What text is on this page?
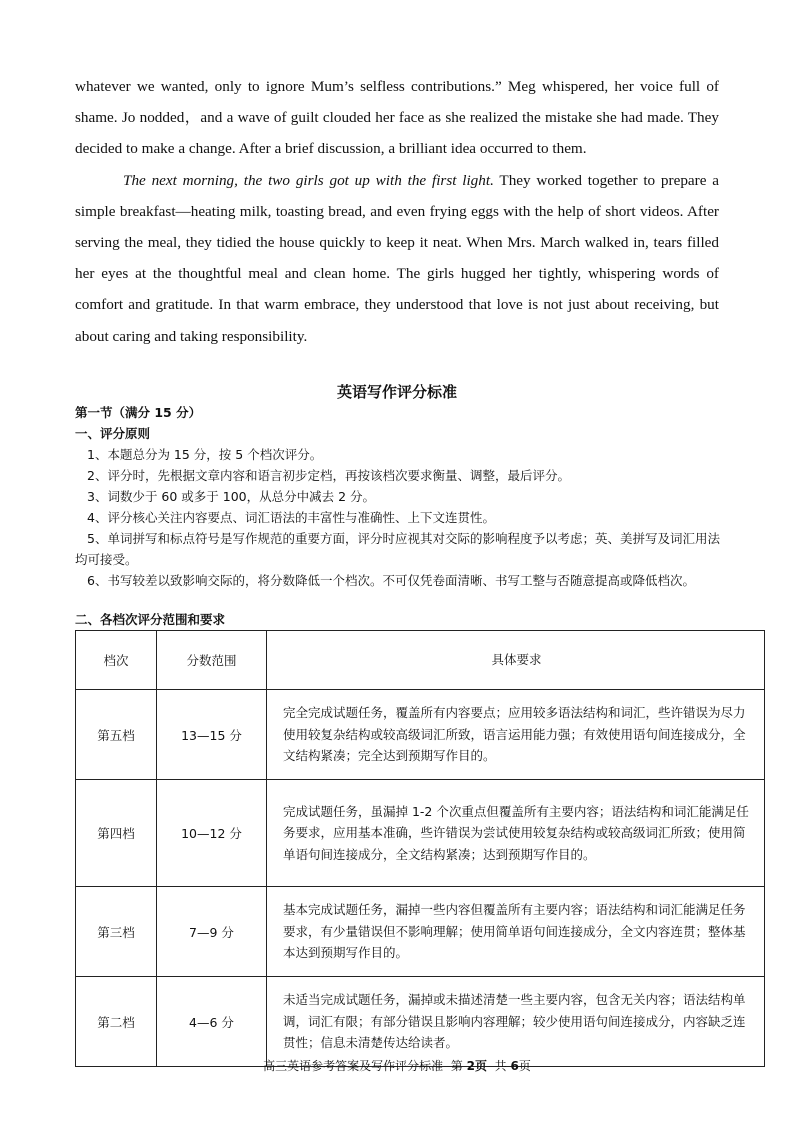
whatever we wanted, only to ignore Mum’s selfless contributions.” Meg whispered, her voice full of shame. Jo nodded，and a wave of guilt clouded her face as she realized the mistake she had made. They decided to make a change. After a brief discussion, a brilliant idea occurred to them.

The next morning, the two girls got up with the first light. They worked together to prepare a simple breakfast—heating milk, toasting bread, and even frying eggs with the help of short videos. After serving the meal, they tidied the house quickly to keep it neat. When Mrs. March walked in, tears filled her eyes at the thoughtful meal and clean home. The girls hugged her tightly, whispering words of comfort and gratitude. In that warm embrace, they understood that love is not just about receiving, but about caring and taking responsibility.

英语写作评分标准
第一节（满分 15 分）
一、评分原则
1、本题总分为 15 分，按 5 个档次评分。
2、评分时，先根据文章内容和语言初步定档，再按该档次要求衡量、调整，最后评分。
3、词数少于 60 或多于 100，从总分中减去 2 分。
4、评分核心关注内容要点、词汇语法的丰富性与准确性、上下文连贯性。
5、单词拼写和标点符号是写作规范的重要方面，评分时应视其对交际的影响程度予以考虑；英、美拼写及词汇用法均可接受。
6、书写较差以致影响交际的，将分数降低一个档次。不可仅凭卷面清晰、书写工整与否随意提高或降低档次。
二、各档次评分范围和要求
档次	分数范围	具体要求
第五档	13—15 分	完全完成试题任务，覆盖所有内容要点；应用较多语法结构和词汇，些许错误为尽力使用较复杂结构或较高级词汇所致，语言运用能力强；有效使用语句间连接成分，全文结构紧凑；完全达到预期写作目的。
第四档	10—12 分	完成试题任务，虽漏掉 1-2 个次重点但覆盖所有主要内容；语法结构和词汇能满足任务要求，应用基本准确，些许错误为尝试使用较复杂结构或较高级词汇所致；使用简单语句间连接成分，全文结构紧凑；达到预期写作目的。
第三档	7—9 分	基本完成试题任务，漏掉一些内容但覆盖所有主要内容；语法结构和词汇能满足任务要求，有少量错误但不影响理解；使用简单语句间连接成分，全文内容连贯；整体基本达到预期写作目的。
第二档	4—6 分	未适当完成试题任务，漏掉或未描述清楚一些主要内容，包含无关内容；语法结构单调，词汇有限；有部分错误且影响内容理解；较少使用语句间连接成分，内容缺乏连贯性；信息未清楚传达给读者。
高三英语参考答案及写作评分标准 第 2页 共 6页
